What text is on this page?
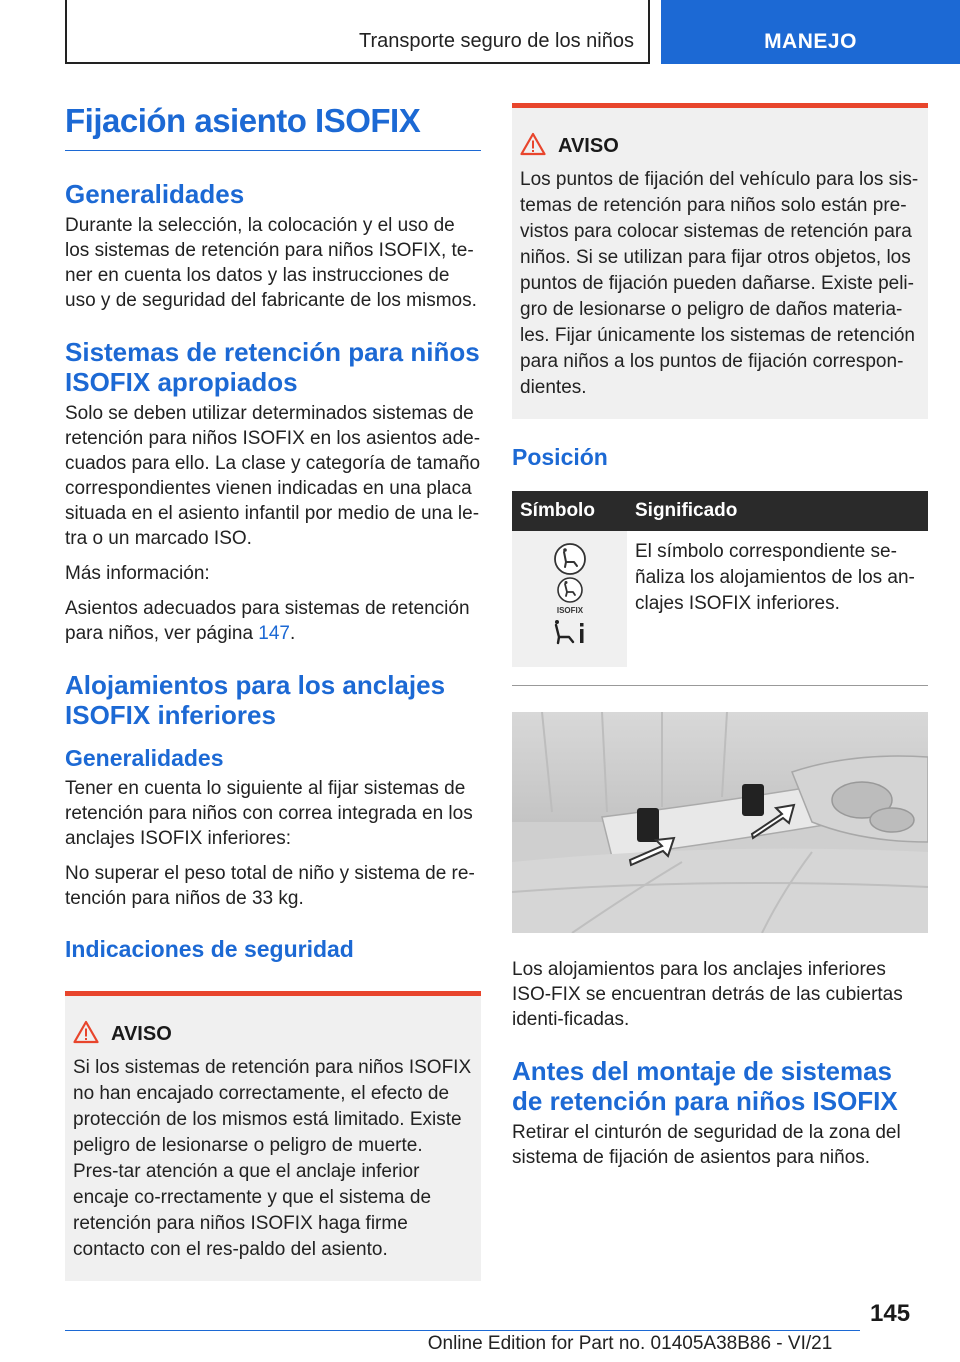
Transporte seguro de los niños	MANEJO
Fijación asiento ISOFIX
Generalidades

Durante la selección, la colocación y el uso de los sistemas de retención para niños ISOFIX, te-ner en cuenta los datos y las instrucciones de uso y de seguridad del fabricante de los mismos.

Sistemas de retención para niños ISOFIX apropiados

Solo se deben utilizar determinados sistemas de retención para niños ISOFIX en los asientos ade-cuados para ello. La clase y categoría de tamaño correspondientes vienen indicadas en una placa situada en el asiento infantil por medio de una le-tra o un marcado ISO.

Más información:

Asientos adecuados para sistemas de retención para niños, ver página 147.

Alojamientos para los anclajes ISOFIX inferiores
Generalidades

Tener en cuenta lo siguiente al fijar sistemas de retención para niños con correa integrada en los anclajes ISOFIX inferiores:

No superar el peso total de niño y sistema de re-tención para niños de 33 kg.

Indicaciones de seguridad
AVISO

Si los sistemas de retención para niños ISOFIX no han encajado correctamente, el efecto de protección de los mismos está limitado. Existe peligro de lesionarse o peligro de muerte. Pres-tar atención a que el anclaje inferior encaje co-rrectamente y que el sistema de retención para niños ISOFIX haga firme contacto con el res-paldo del asiento.

AVISO

Los puntos de fijación del vehículo para los sis-temas de retención para niños solo están pre-vistos para colocar sistemas de retención para niños. Si se utilizan para fijar otros objetos, los puntos de fijación pueden dañarse. Existe peli-gro de lesionarse o peligro de daños materia-les. Fijar únicamente los sistemas de retención para niños a los puntos de fijación correspon-dientes.

Posición
Símbolo	Significado

ISOFIX	El símbolo correspondiente se-ñaliza los alojamientos de los an-clajes ISOFIX inferiores.

Los alojamientos para los anclajes inferiores ISO-FIX se encuentran detrás de las cubiertas identi-ficadas.

Antes del montaje de sistemas de retención para niños ISOFIX

Retirar el cinturón de seguridad de la zona del sistema de fijación de asientos para niños.

145
Online Edition for Part no. 01405A38B86 - VI/21
